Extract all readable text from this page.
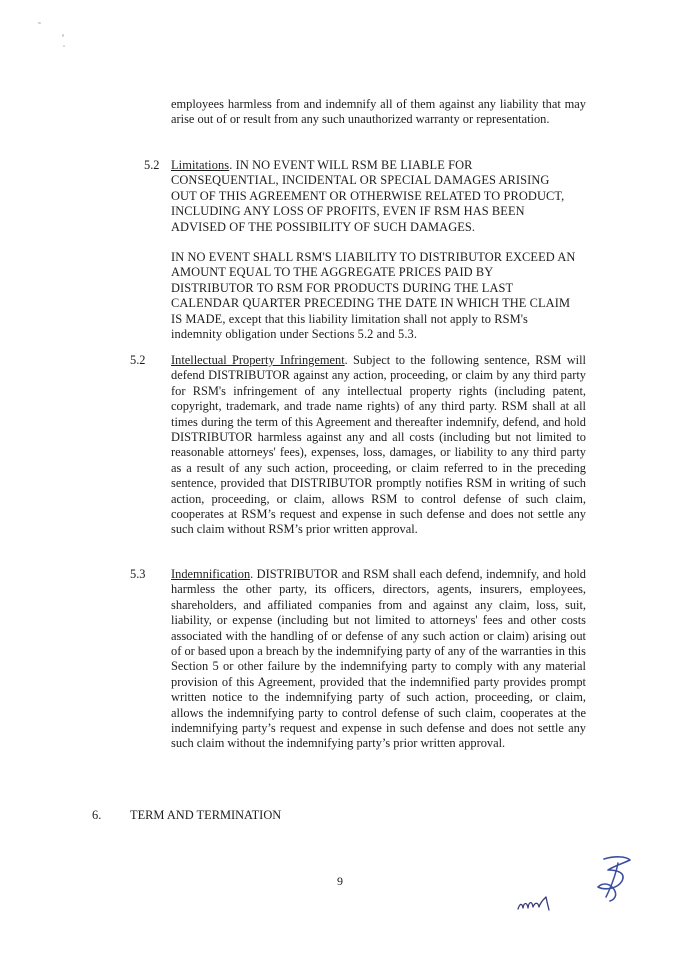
employees harmless from and indemnify all of them against any liability that may arise out of or result from any such unauthorized warranty or representation.
5.2 Limitations. IN NO EVENT WILL RSM BE LIABLE FOR CONSEQUENTIAL, INCIDENTAL OR SPECIAL DAMAGES ARISING OUT OF THIS AGREEMENT OR OTHERWISE RELATED TO PRODUCT, INCLUDING ANY LOSS OF PROFITS, EVEN IF RSM HAS BEEN ADVISED OF THE POSSIBILITY OF SUCH DAMAGES.
IN NO EVENT SHALL RSM'S LIABILITY TO DISTRIBUTOR EXCEED AN AMOUNT EQUAL TO THE AGGREGATE PRICES PAID BY DISTRIBUTOR TO RSM FOR PRODUCTS DURING THE LAST CALENDAR QUARTER PRECEDING THE DATE IN WHICH THE CLAIM IS MADE, except that this liability limitation shall not apply to RSM's indemnity obligation under Sections 5.2 and 5.3.
5.2 Intellectual Property Infringement. Subject to the following sentence, RSM will defend DISTRIBUTOR against any action, proceeding, or claim by any third party for RSM's infringement of any intellectual property rights (including patent, copyright, trademark, and trade name rights) of any third party. RSM shall at all times during the term of this Agreement and thereafter indemnify, defend, and hold DISTRIBUTOR harmless against any and all costs (including but not limited to reasonable attorneys' fees), expenses, loss, damages, or liability to any third party as a result of any such action, proceeding, or claim referred to in the preceding sentence, provided that DISTRIBUTOR promptly notifies RSM in writing of such action, proceeding, or claim, allows RSM to control defense of such claim, cooperates at RSM’s request and expense in such defense and does not settle any such claim without RSM’s prior written approval.
5.3 Indemnification. DISTRIBUTOR and RSM shall each defend, indemnify, and hold harmless the other party, its officers, directors, agents, insurers, employees, shareholders, and affiliated companies from and against any claim, loss, suit, liability, or expense (including but not limited to attorneys' fees and other costs associated with the handling of or defense of any such action or claim) arising out of or based upon a breach by the indemnifying party of any of the warranties in this Section 5 or other failure by the indemnifying party to comply with any material provision of this Agreement, provided that the indemnified party provides prompt written notice to the indemnifying party of such action, proceeding, or claim, allows the indemnifying party to control defense of such claim, cooperates at the indemnifying party’s request and expense in such defense and does not settle any such claim without the indemnifying party’s prior written approval.
6. TERM AND TERMINATION
9
